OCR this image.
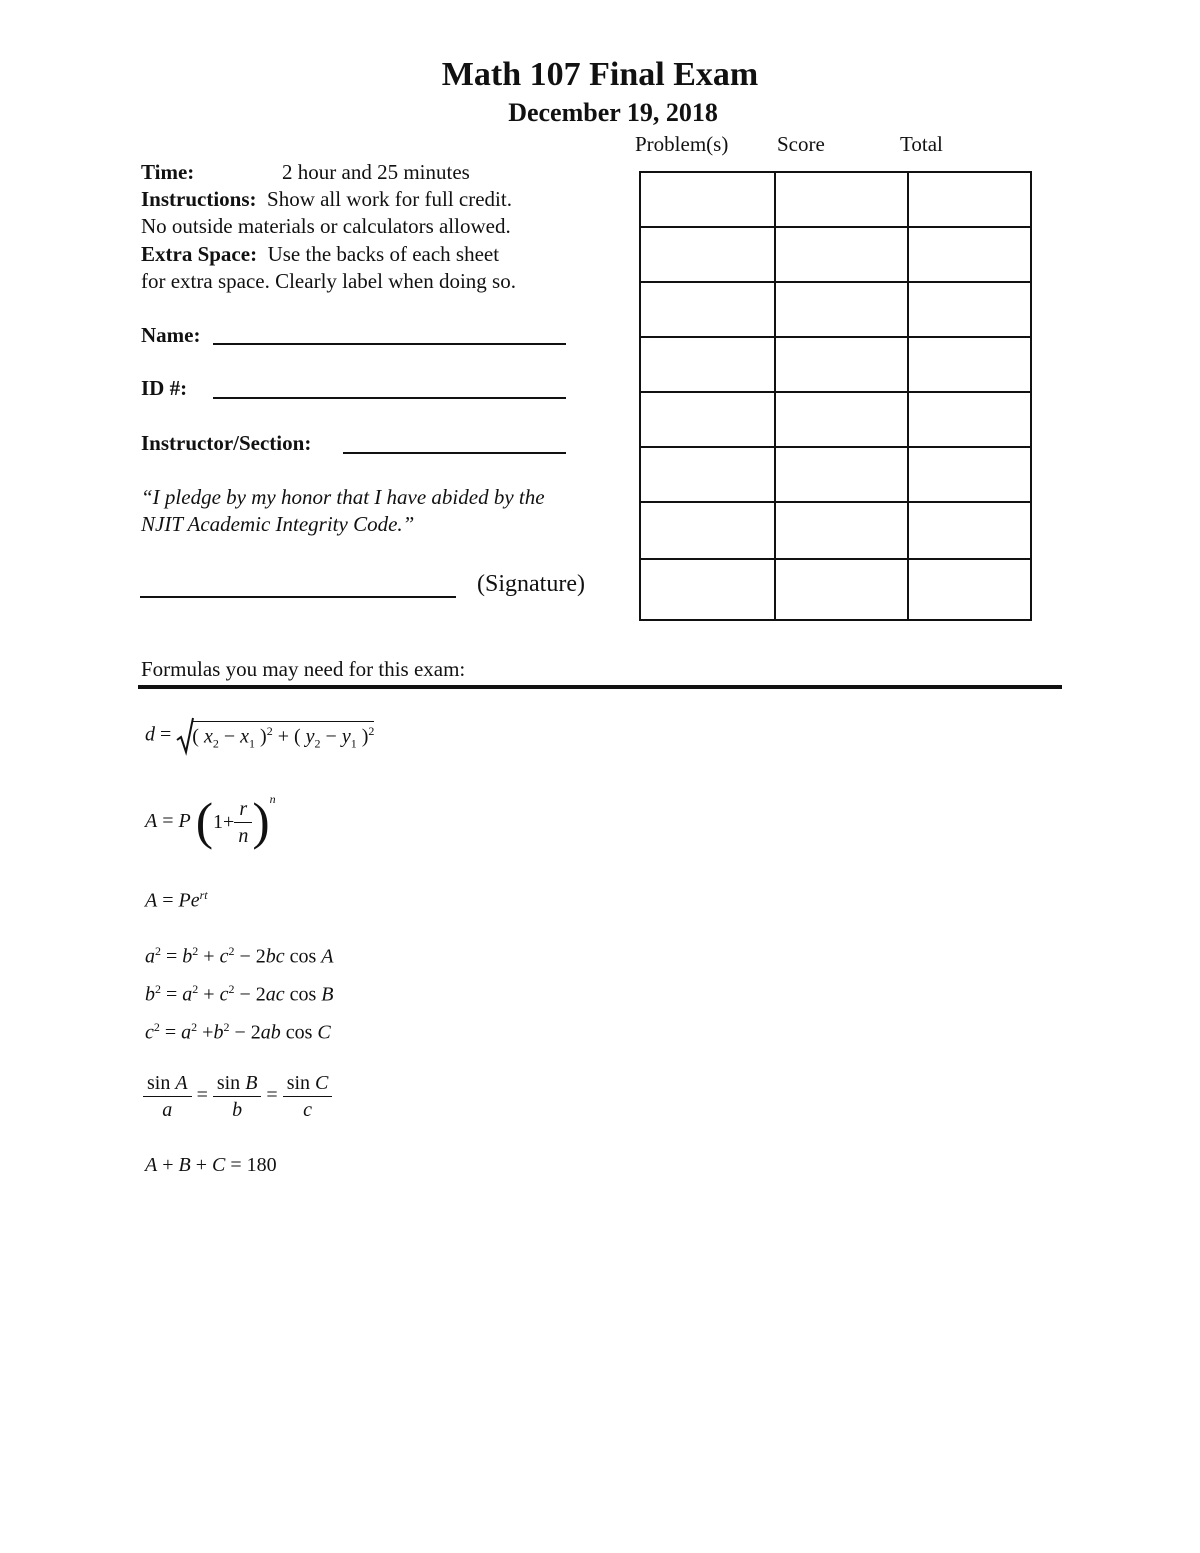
Math 107 Final Exam
December 19, 2018
Time:	2 hour and 25 minutes
Instructions: Show all work for full credit.
No outside materials or calculators allowed.
Extra Space: Use the backs of each sheet
for extra space. Clearly label when doing so.
Name:
ID #:
Instructor/Section:
“I pledge by my honor that I have abided by the
NJIT Academic Integrity Code.”
(Signature)
Problem(s) Score	Total

Formulas you may need for this exam:
d = ( $x_2 - x_1$ )$^2$ + ( $y_2 - y_1$ )$^2$
A = P $(1+ \frac{r}{n} )^n$
$A = Pe^{rt}$
$a^2 = b^2 + c^2 - 2bc$ cos A
$b^2 = a^2 + c^2 - 2ac$ cos B
$c^2 = a^2 +b^2 - 2ab$ cos C
$\frac{\text{sin A}}{a} = \frac{\text{sin B}}{b} = \frac{\text{sin C}}{c}$
A + B + C = 180
